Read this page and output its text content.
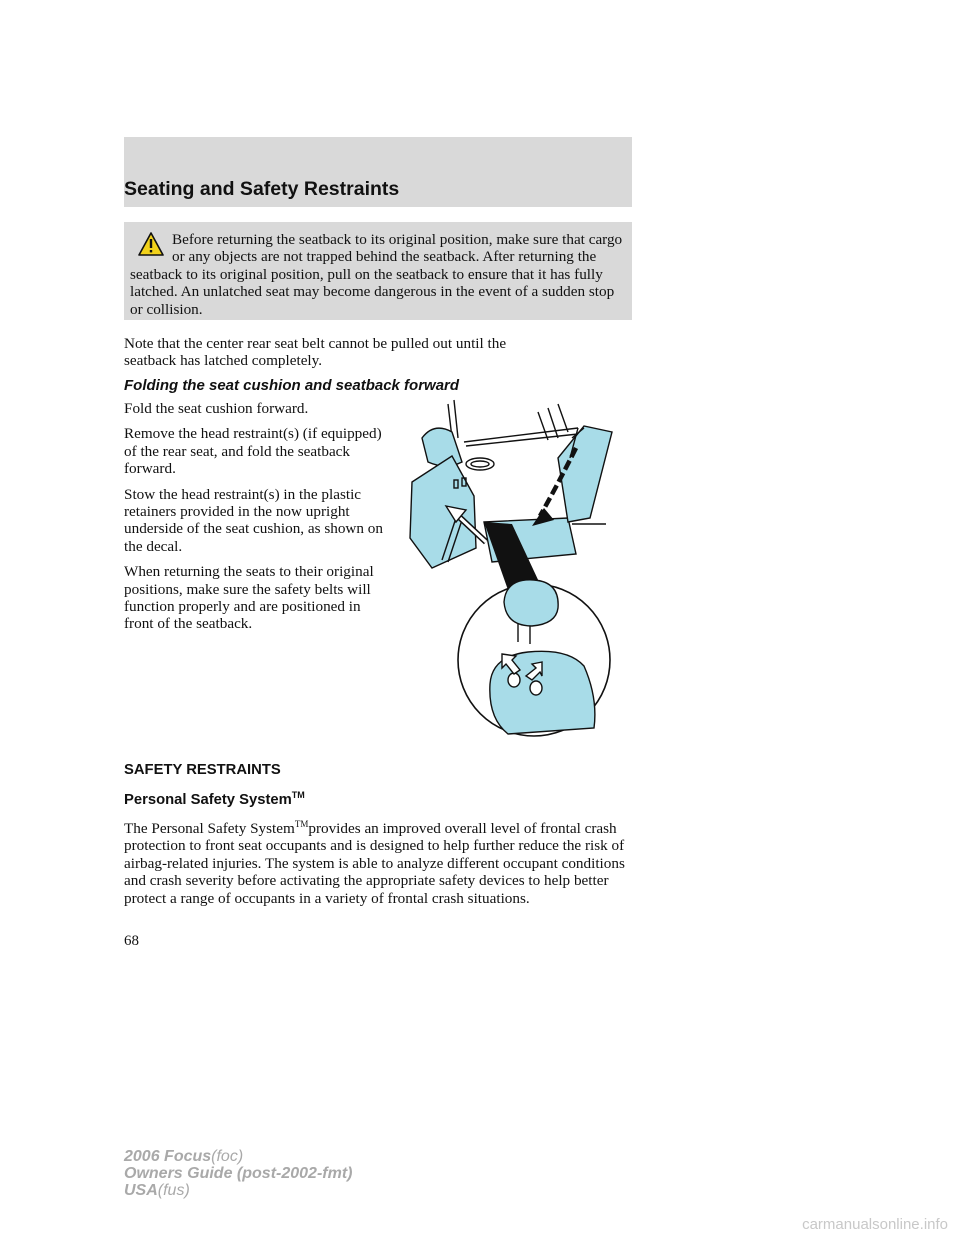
Seating and Safety Restraints
Before returning the seatback to its original position, make sure that cargo or any objects are not trapped behind the seatback. After returning the seatback to its original position, pull on the seatback to ensure that it has fully latched. An unlatched seat may become dangerous in the event of a sudden stop or collision.
Note that the center rear seat belt cannot be pulled out until the
seatback has latched completely.
Folding the seat cushion and seatback forward

Fold the seat cushion forward.

Remove the head restraint(s) (if equipped) of the rear seat, and fold the seatback forward.

Stow the head restraint(s) in the plastic retainers provided in the now upright underside of the seat cushion, as shown on the decal.

When returning the seats to their original positions, make sure the safety belts will function properly and are positioned in front of the seatback.

SAFETY RESTRAINTS
Personal Safety System™
The Personal Safety System™provides an improved overall level of frontal crash protection to front seat occupants and is designed to help further reduce the risk of airbag-related injuries. The system is able to analyze different occupant conditions and crash severity before activating the appropriate safety devices to help better protect a range of occupants in a variety of frontal crash situations.
68
2006 Focus(foc)
Owners Guide (post-2002-fmt)
USA(fus)
carmanualsonline.info
